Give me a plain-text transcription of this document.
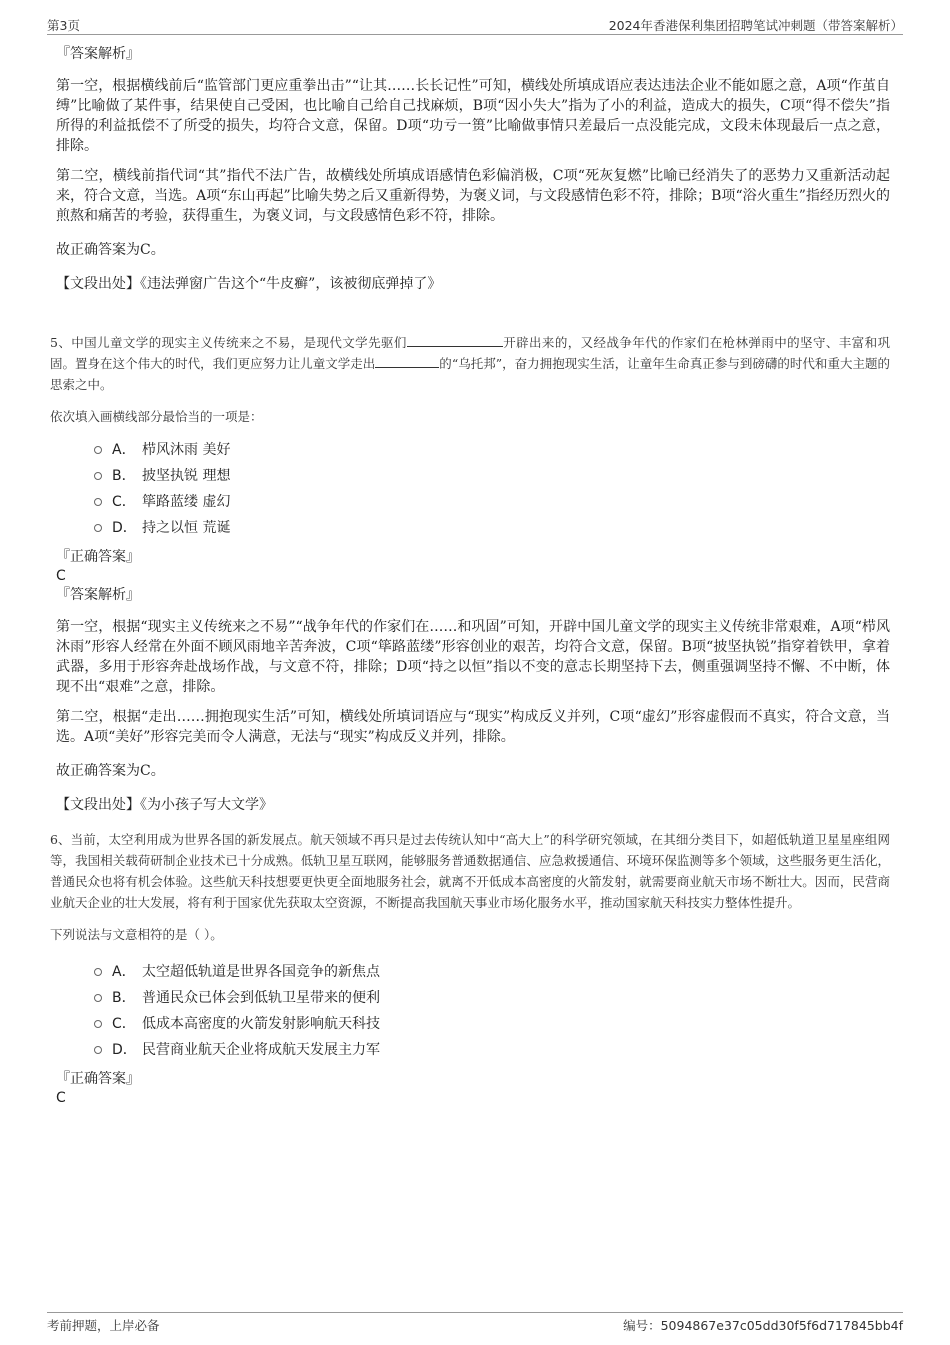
第3页	2024年香港保利集团招聘笔试冲刺题（带答案解析）

『答案解析』

第一空，根据横线前后“监管部门更应重拳出击”“让其……长长记性”可知，横线处所填成语应表达违法企业不能如愿之意，A项“作茧自缚”比喻做了某件事，结果使自己受困，也比喻自己给自己找麻烦，B项“因小失大”指为了小的利益，造成大的损失，C项“得不偿失”指所得的利益抵偿不了所受的损失，均符合文意，保留。D项“功亏一篑”比喻做事情只差最后一点没能完成，文段未体现最后一点之意，排除。

第二空，横线前指代词“其”指代不法广告，故横线处所填成语感情色彩偏消极，C项“死灰复燃”比喻已经消失了的恶势力又重新活动起来，符合文意，当选。A项“东山再起”比喻失势之后又重新得势，为褒义词，与文段感情色彩不符，排除；B项“浴火重生”指经历烈火的煎熬和痛苦的考验，获得重生，为褒义词，与文段感情色彩不符，排除。

故正确答案为C。

【文段出处】《违法弹窗广告这个“牛皮癣”，该被彻底弹掉了》

5、中国儿童文学的现实主义传统来之不易，是现代文学先驱们	开辟出来的，又经战争年代的作家们在枪林弹雨中的坚守、丰富和巩固。置身在这个伟大的时代，我们更应努力让儿童文学走出	的“乌托邦”，奋力拥抱现实生活，让童年生命真正参与到磅礴的时代和重大主题的思索之中。

依次填入画横线部分最恰当的一项是：

A． 栉风沐雨 美好
B． 披坚执锐 理想
C． 筚路蓝缕 虚幻
D． 持之以恒 荒诞

『正确答案』

C

『答案解析』

第一空，根据“现实主义传统来之不易”“战争年代的作家们在……和巩固”可知，开辟中国儿童文学的现实主义传统非常艰难，A项“栉风沐雨”形容人经常在外面不顾风雨地辛苦奔波，C项“筚路蓝缕”形容创业的艰苦，均符合文意，保留。B项“披坚执锐”指穿着铁甲，拿着武器，多用于形容奔赴战场作战，与文意不符，排除；D项“持之以恒”指以不变的意志长期坚持下去，侧重强调坚持不懈、不中断，体现不出“艰难”之意，排除。

第二空，根据“走出……拥抱现实生活”可知，横线处所填词语应与“现实”构成反义并列，C项“虚幻”形容虚假而不真实，符合文意，当选。A项“美好”形容完美而令人满意，无法与“现实”构成反义并列，排除。

故正确答案为C。

【文段出处】《为小孩子写大文学》

6、当前，太空利用成为世界各国的新发展点。航天领域不再只是过去传统认知中“高大上”的科学研究领域，在其细分类目下，如超低轨道卫星星座组网等，我国相关载荷研制企业技术已十分成熟。低轨卫星互联网，能够服务普通数据通信、应急救援通信、环境环保监测等多个领域，这些服务更生活化，普通民众也将有机会体验。这些航天科技想要更快更全面地服务社会，就离不开低成本高密度的火箭发射，就需要商业航天市场不断壮大。因而，民营商业航天企业的壮大发展，将有利于国家优先获取太空资源，不断提高我国航天事业市场化服务水平，推动国家航天科技实力整体性提升。

下列说法与文意相符的是（ ）。

A． 太空超低轨道是世界各国竞争的新焦点
B． 普通民众已体会到低轨卫星带来的便利
C． 低成本高密度的火箭发射影响航天科技
D． 民营商业航天企业将成航天发展主力军

『正确答案』

C

考前押题，上岸必备	编号：5094867e37c05dd30f5f6d717845bb4f
